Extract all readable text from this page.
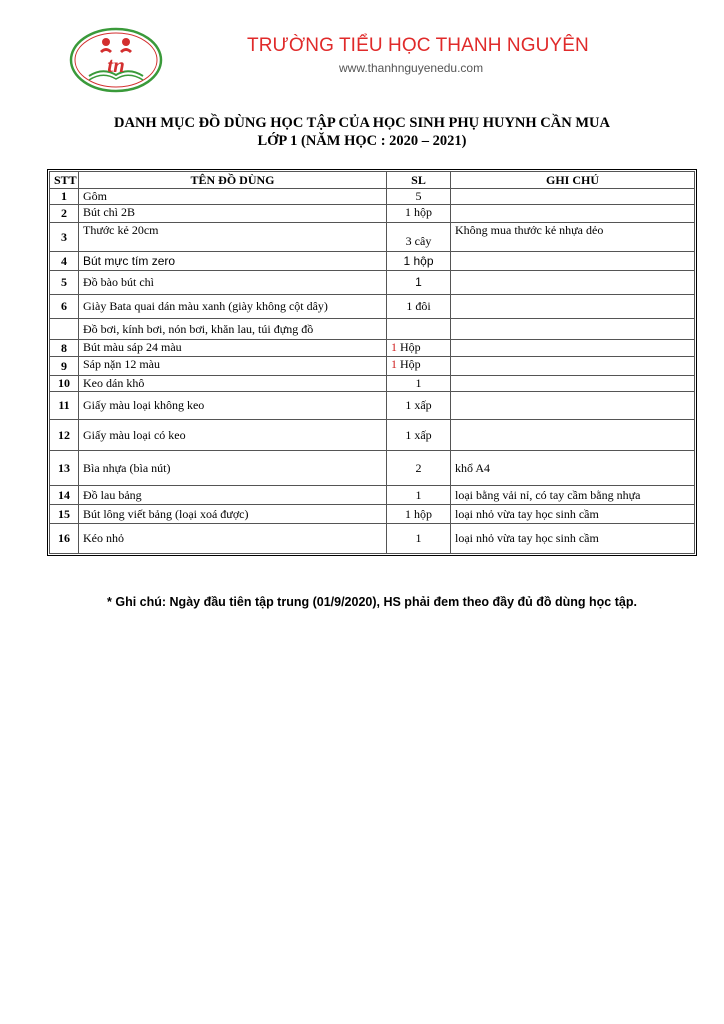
tn
TRƯỜNG TIỂU HỌC THANH NGUYÊN
www.thanhnguyenedu.com
DANH MỤC ĐỒ DÙNG HỌC TẬP CỦA HỌC SINH PHỤ HUYNH CẦN MUA
LỚP 1 (NĂM HỌC : 2020 – 2021)
STT	TÊN ĐỒ DÙNG	SL	GHI CHÚ
1	Gôm	5	
2	Bút chì 2B	1 hộp	
3	Thước kẻ 20cm	3 cây	Không mua thước kẻ nhựa dẻo
4	Bút mực tím zero	1 hộp	
5	Đồ bào bút chì	1	
6	Giày Bata quai dán màu xanh (giày không cột dây)	1 đôi	
	Đồ bơi, kính bơi, nón bơi, khăn lau, túi đựng đồ		
8	Bút màu sáp 24 màu	1 Hộp	
9	Sáp nặn 12 màu	1 Hộp	
10	Keo dán khô	1	
11	Giấy màu loại không keo	1 xấp	
12	Giấy màu loại có keo	1 xấp	
13	Bìa nhựa (bìa nút)	2	khổ A4
14	Đồ lau bảng	1	loại bằng vải nỉ, có tay cầm bằng nhựa
15	Bút lông viết bảng (loại xoá được)	1 hộp	loại nhỏ vừa tay học sinh cầm
16	Kéo nhỏ	1	loại nhỏ vừa tay học sinh cầm
* Ghi chú: Ngày đầu tiên tập trung (01/9/2020), HS phải đem theo đầy đủ đồ dùng học tập.
